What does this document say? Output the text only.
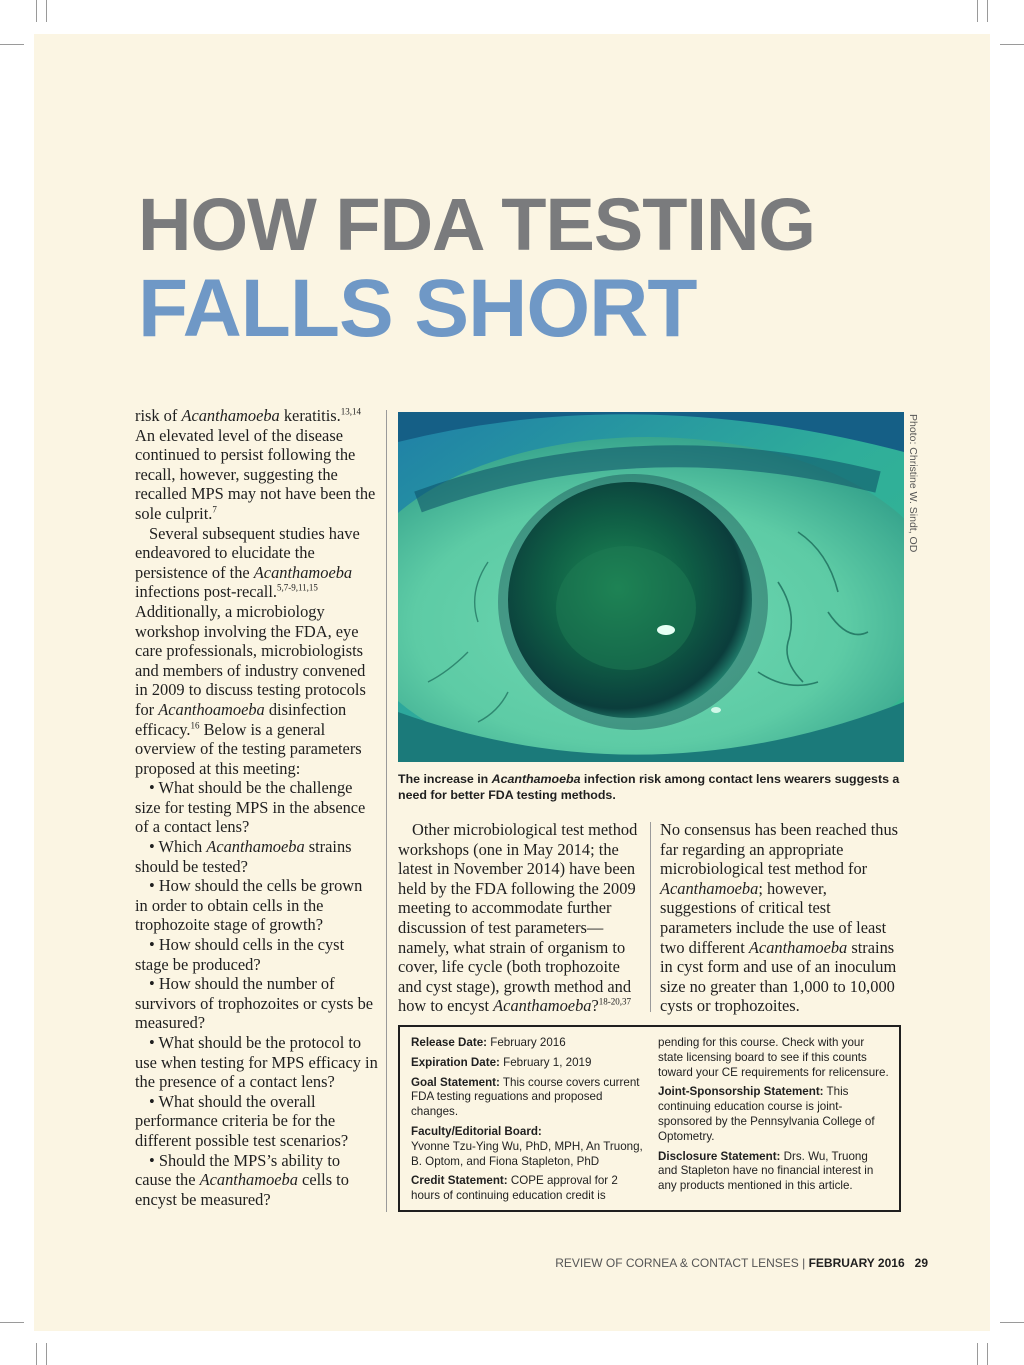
HOW FDA TESTING
FALLS SHORT

risk of Acanthamoeba keratitis.$^{13,14}$ An elevated level of the disease continued to persist following the recall, however, suggesting the recalled MPS may not have been the sole culprit.$^7$

Several subsequent studies have endeavored to elucidate the persistence of the Acanthamoeba infections post-recall.$^{5,7-9,11,15}$ Additionally, a microbiology workshop involving the FDA, eye care professionals, microbiologists and members of industry convened in 2009 to discuss testing protocols for Acanthoamoeba disinfection efficacy.$^{16}$ Below is a general overview of the testing parameters proposed at this meeting:

• What should be the challenge size for testing MPS in the absence of a contact lens?

• Which Acanthamoeba strains should be tested?

• How should the cells be grown in order to obtain cells in the trophozoite stage of growth?

• How should cells in the cyst stage be produced?

• How should the number of survivors of trophozoites or cysts be measured?

• What should be the protocol to use when testing for MPS efficacy in the presence of a contact lens?

• What should the overall performance criteria be for the different possible test scenarios?

• Should the MPS’s ability to cause the Acanthamoeba cells to encyst be measured?

Photo: Christine W. Sindt, OD
The increase in Acanthamoeba infection risk among contact lens wearers suggests a need for better FDA testing methods.

Other microbiological test method workshops (one in May 2014; the latest in November 2014) have been held by the FDA following the 2009 meeting to accommodate further discussion of test parameters—namely, what strain of organism to cover, life cycle (both trophozoite and cyst stage), growth method and how to encyst Acanthamoeba?$^{18-20,37}$

No consensus has been reached thus far regarding an appropriate microbiological test method for Acanthamoeba; however, suggestions of critical test parameters include the use of least two different Acanthamoeba strains in cyst form and use of an inoculum size no greater than 1,000 to 10,000 cysts or trophozoites.

Release Date: February 2016

Expiration Date: February 1, 2019

Goal Statement: This course covers current FDA testing reguations and proposed changes.

Faculty/Editorial Board:
Yvonne Tzu-Ying Wu, PhD, MPH, An Truong, B. Optom, and Fiona Stapleton, PhD

Credit Statement: COPE approval for 2 hours of continuing education credit is

pending for this course. Check with your state licensing board to see if this counts toward your CE requirements for relicensure.

Joint-Sponsorship Statement: This continuing education course is joint-sponsored by the Pennsylvania College of Optometry.

Disclosure Statement: Drs. Wu, Truong and Stapleton have no financial interest in any products mentioned in this article.

REVIEW OF CORNEA & CONTACT LENSES | FEBRUARY 2016 29
